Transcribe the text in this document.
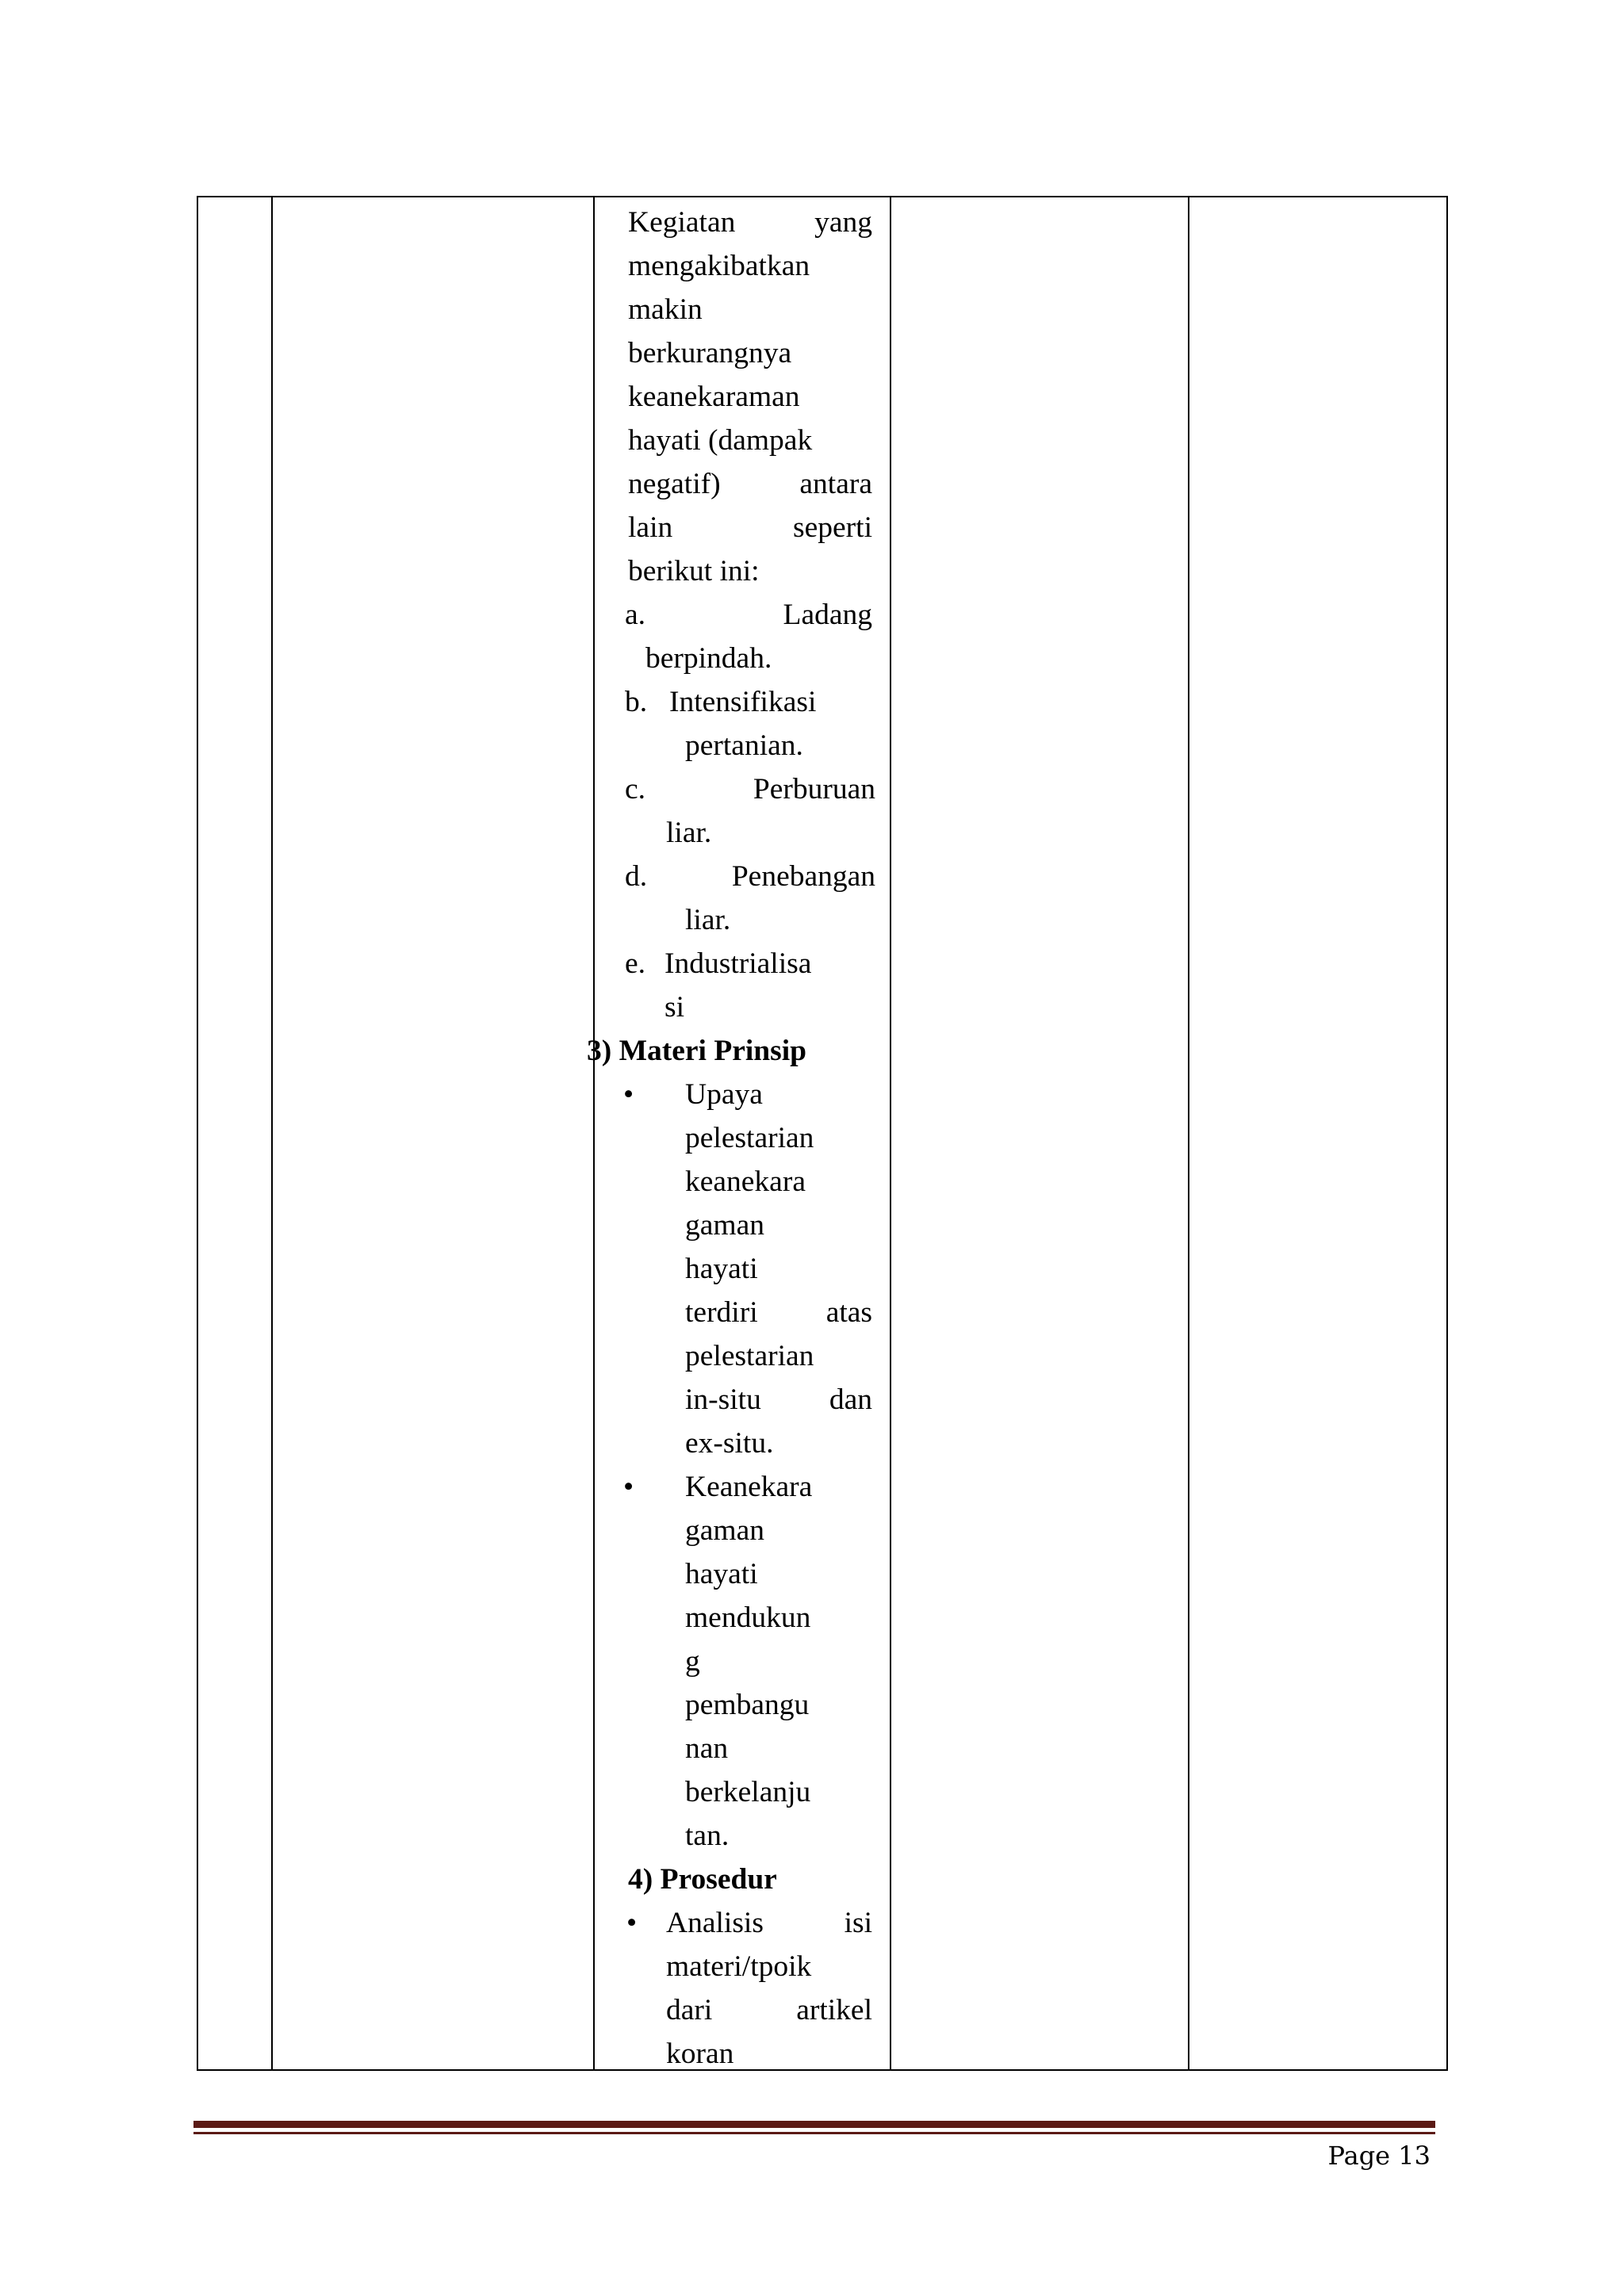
Kegiatan	yang
mengakibatkan
makin
berkurangnya
keanekaraman
hayati (dampak
negatif)	antara
lain	seperti
berikut ini:
a.	Ladang
berpindah.
b. Intensifikasi
pertanian.
c.	Perburuan
liar.
d.	Penebangan
liar.
e. Industrialisa
si
3) Materi Prinsip
• Upaya
pelestarian
keanekara
gaman
hayati
terdiri atas
pelestarian
in-situ dan
ex-situ.
• Keanekara
gaman
hayati
mendukun
g
pembangu
nan
berkelanju
tan.
4) Prosedur
• Analisis	isi
materi/tpoik
dari	artikel
koran

Page 13
